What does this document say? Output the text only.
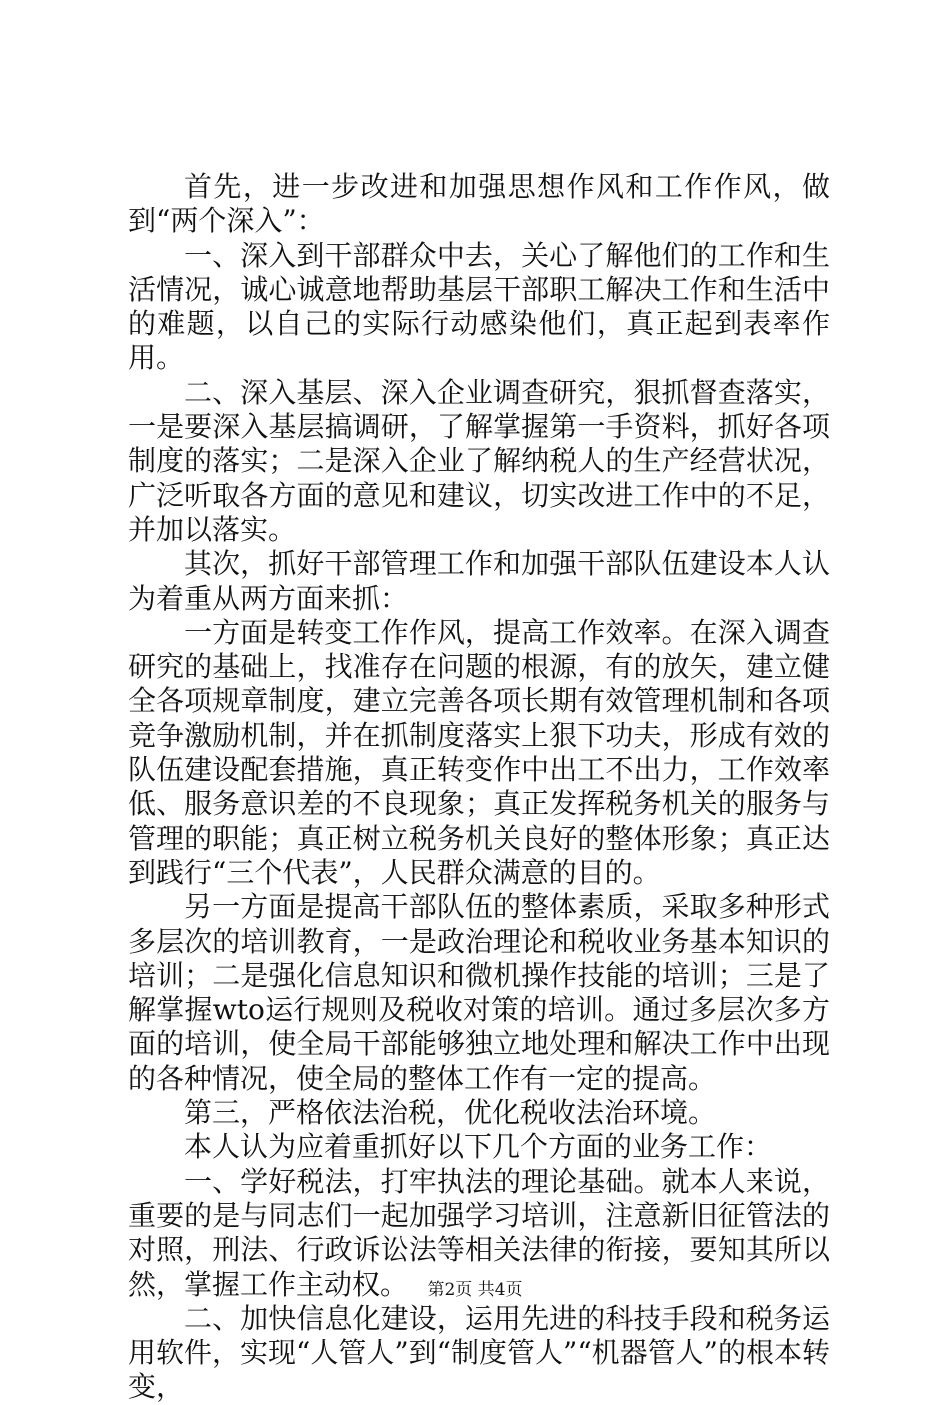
首先，进一步改进和加强思想作风和工作作风，做到“两个深入”：

一、深入到干部群众中去，关心了解他们的工作和生活情况，诚心诚意地帮助基层干部职工解决工作和生活中的难题，以自己的实际行动感染他们，真正起到表率作用。

二、深入基层、深入企业调查研究，狠抓督查落实，一是要深入基层搞调研，了解掌握第一手资料，抓好各项制度的落实；二是深入企业了解纳税人的生产经营状况，广泛听取各方面的意见和建议，切实改进工作中的不足，并加以落实。

其次，抓好干部管理工作和加强干部队伍建设本人认为着重从两方面来抓：

一方面是转变工作作风，提高工作效率。在深入调查研究的基础上，找准存在问题的根源，有的放矢，建立健全各项规章制度，建立完善各项长期有效管理机制和各项竞争激励机制，并在抓制度落实上狠下功夫，形成有效的队伍建设配套措施，真正转变作中出工不出力，工作效率低、服务意识差的不良现象；真正发挥税务机关的服务与管理的职能；真正树立税务机关良好的整体形象；真正达到践行“三个代表”，人民群众满意的目的。

另一方面是提高干部队伍的整体素质，采取多种形式多层次的培训教育，一是政治理论和税收业务基本知识的培训；二是强化信息知识和微机操作技能的培训；三是了解掌握wto运行规则及税收对策的培训。通过多层次多方面的培训，使全局干部能够独立地处理和解决工作中出现的各种情况，使全局的整体工作有一定的提高。

第三，严格依法治税，优化税收法治环境。

本人认为应着重抓好以下几个方面的业务工作：

一、学好税法，打牢执法的理论基础。就本人来说，重要的是与同志们一起加强学习培训，注意新旧征管法的对照，刑法、行政诉讼法等相关法律的衔接，要知其所以然，掌握工作主动权。

二、加快信息化建设，运用先进的科技手段和税务运用软件，实现“人管人”到“制度管人”“机器管人”的根本转变，

第2页 共4页
